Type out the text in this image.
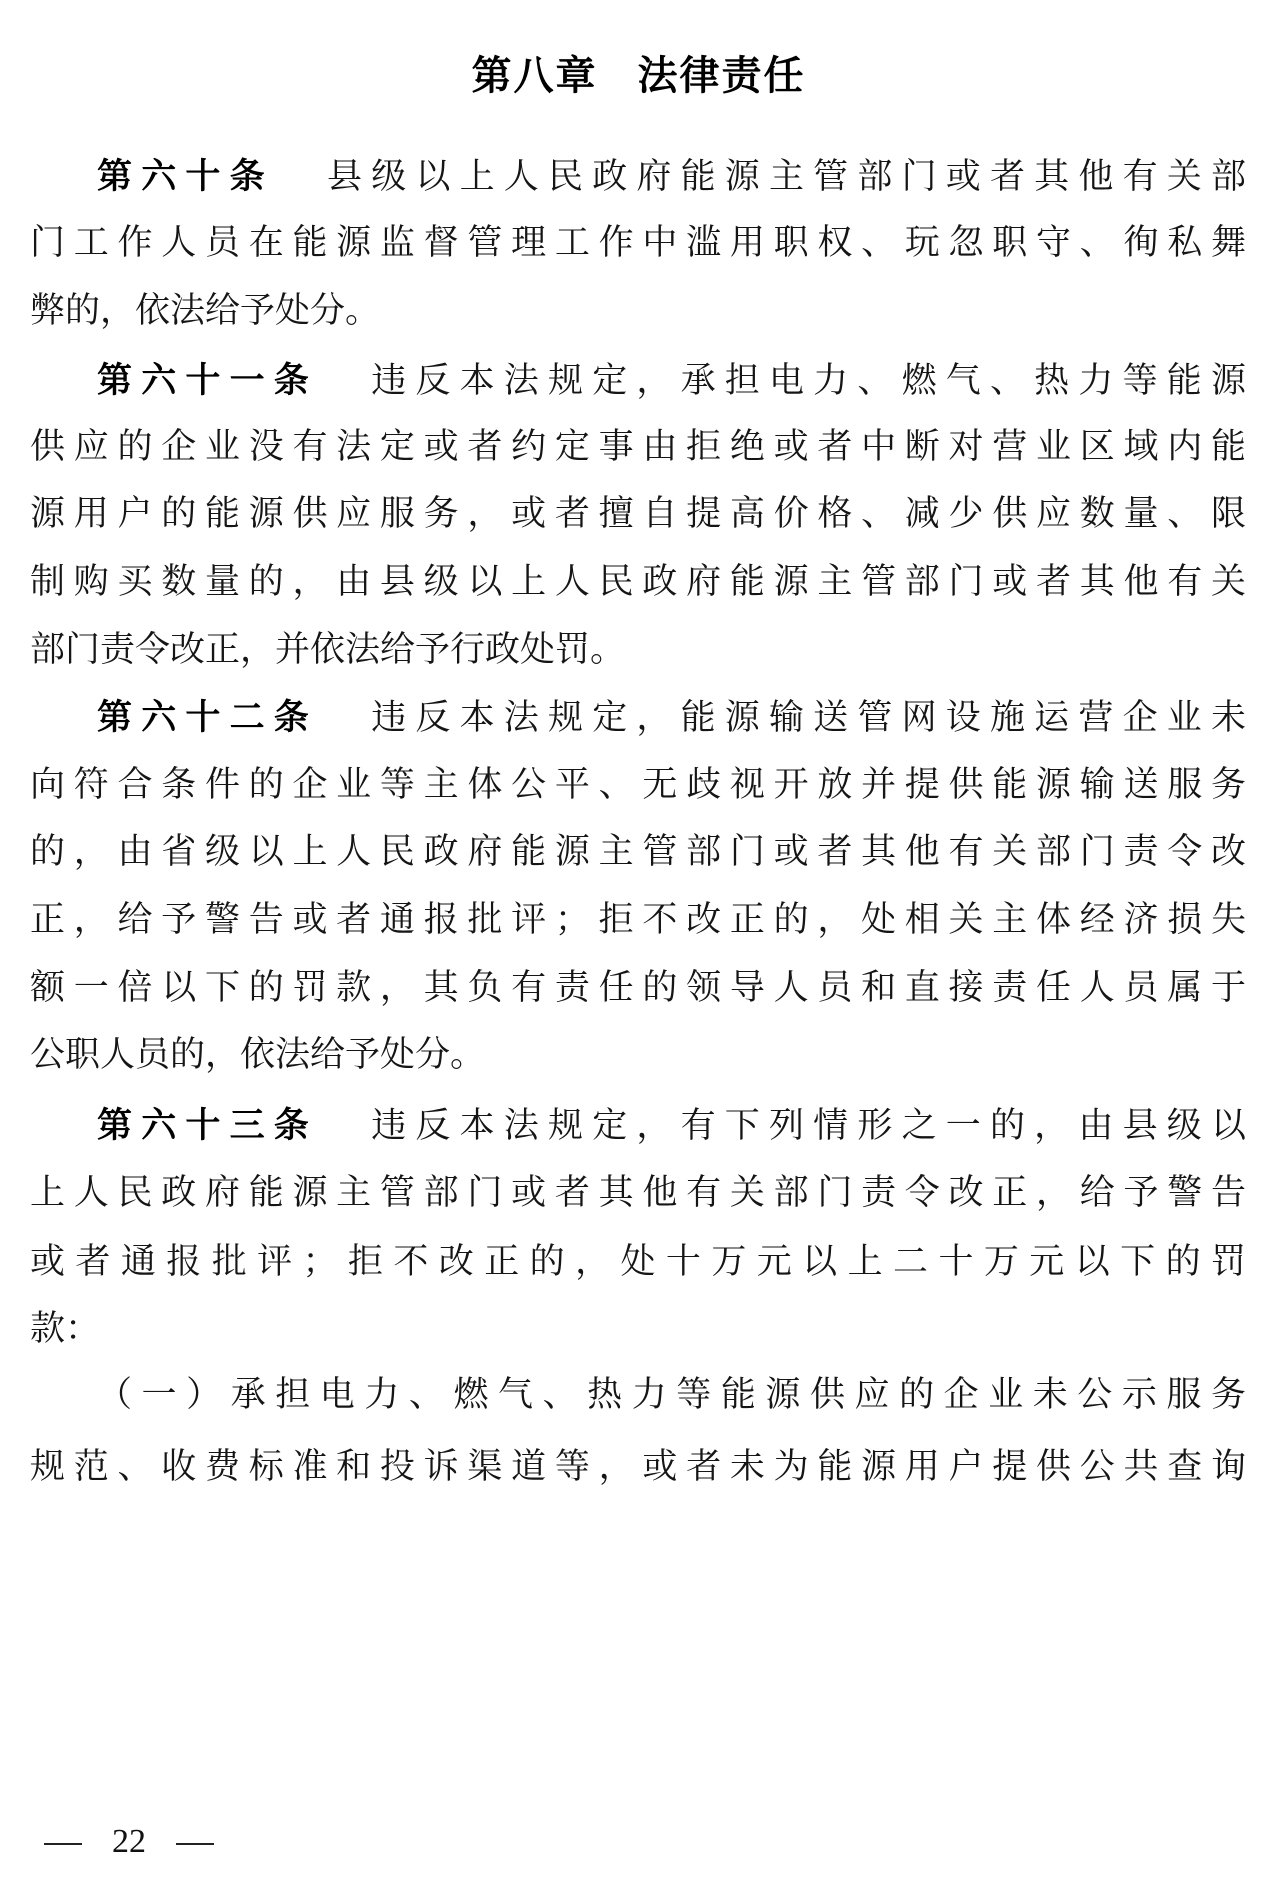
第八章 法律责任
第六十条 县级以上人民政府能源主管部门或者其他有关部
门工作人员在能源监督管理工作中滥用职权、玩忽职守、徇私舞
弊的，依法给予处分。
第六十一条 违反本法规定，承担电力、燃气、热力等能源
供应的企业没有法定或者约定事由拒绝或者中断对营业区域内能
源用户的能源供应服务，或者擅自提高价格、减少供应数量、限
制购买数量的，由县级以上人民政府能源主管部门或者其他有关
部门责令改正，并依法给予行政处罚。
第六十二条 违反本法规定，能源输送管网设施运营企业未
向符合条件的企业等主体公平、无歧视开放并提供能源输送服务
的，由省级以上人民政府能源主管部门或者其他有关部门责令改
正，给予警告或者通报批评；拒不改正的，处相关主体经济损失
额一倍以下的罚款，其负有责任的领导人员和直接责任人员属于
公职人员的，依法给予处分。
第六十三条 违反本法规定，有下列情形之一的，由县级以
上人民政府能源主管部门或者其他有关部门责令改正，给予警告
或者通报批评；拒不改正的，处十万元以上二十万元以下的罚
款：
（一）承担电力、燃气、热力等能源供应的企业未公示服务
规范、收费标准和投诉渠道等，或者未为能源用户提供公共查询
22
